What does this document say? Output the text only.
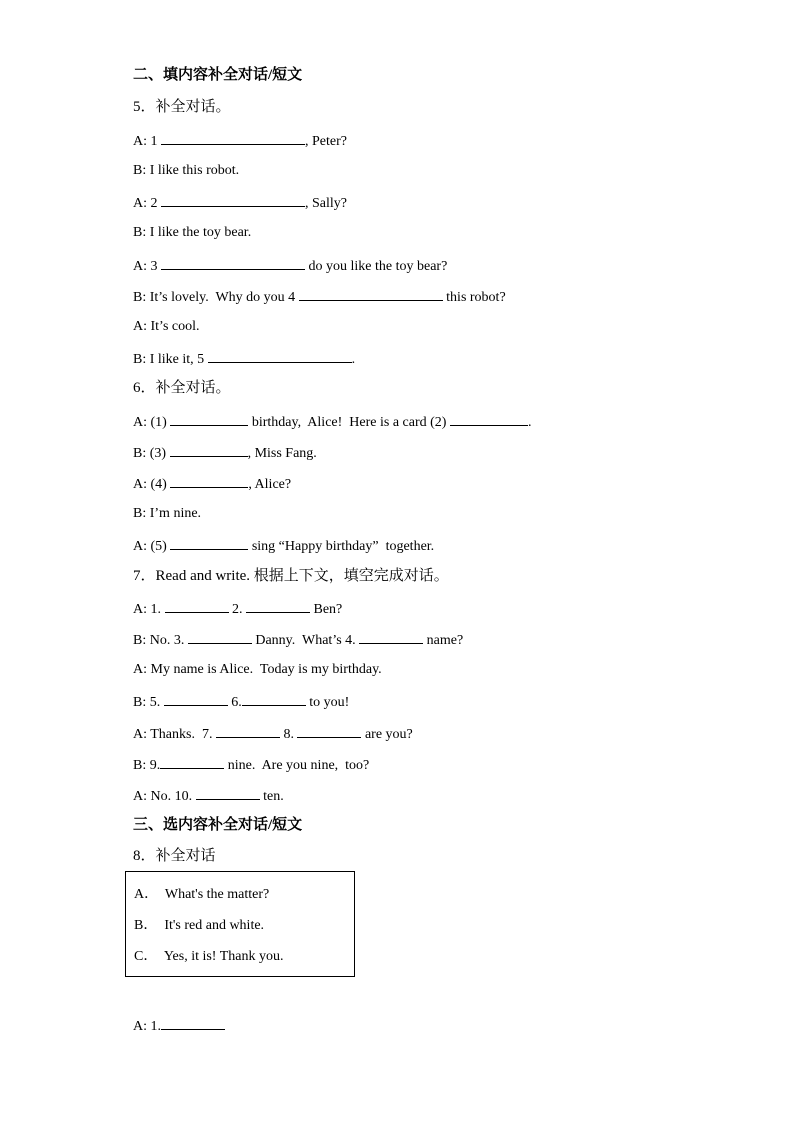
二、填内容补全对话/短文
5．补全对话。
A: 1	, Peter?
B: I like this robot.
A: 2	, Sally?
B: I like the toy bear.
A: 3	do you like the toy bear?
B: It’s lovely.  Why do you 4	this robot?
A: It’s cool.
B: I like it, 5	.
6．补全对话。
A: (1)	birthday,  Alice!  Here is a card (2)	.
B: (3)	, Miss Fang.
A: (4)	, Alice?
B: I’m nine.
A: (5)	sing “Happy birthday”  together.
7．Read and write. 根据上下文，填空完成对话。
A: 1.	2.	Ben?
B: No. 3.	Danny.  What’s 4.	name?
A: My name is Alice.  Today is my birthday.
B: 5.	6.	to you!
A: Thanks.  7.	8.	are you?
B: 9.	nine.  Are you nine,  too?
A: No. 10.	ten.
三、选内容补全对话/短文
8．补全对话
A．  What's the matter?
B．  It's red and white.
C．  Yes, it is! Thank you.
A: 1.
